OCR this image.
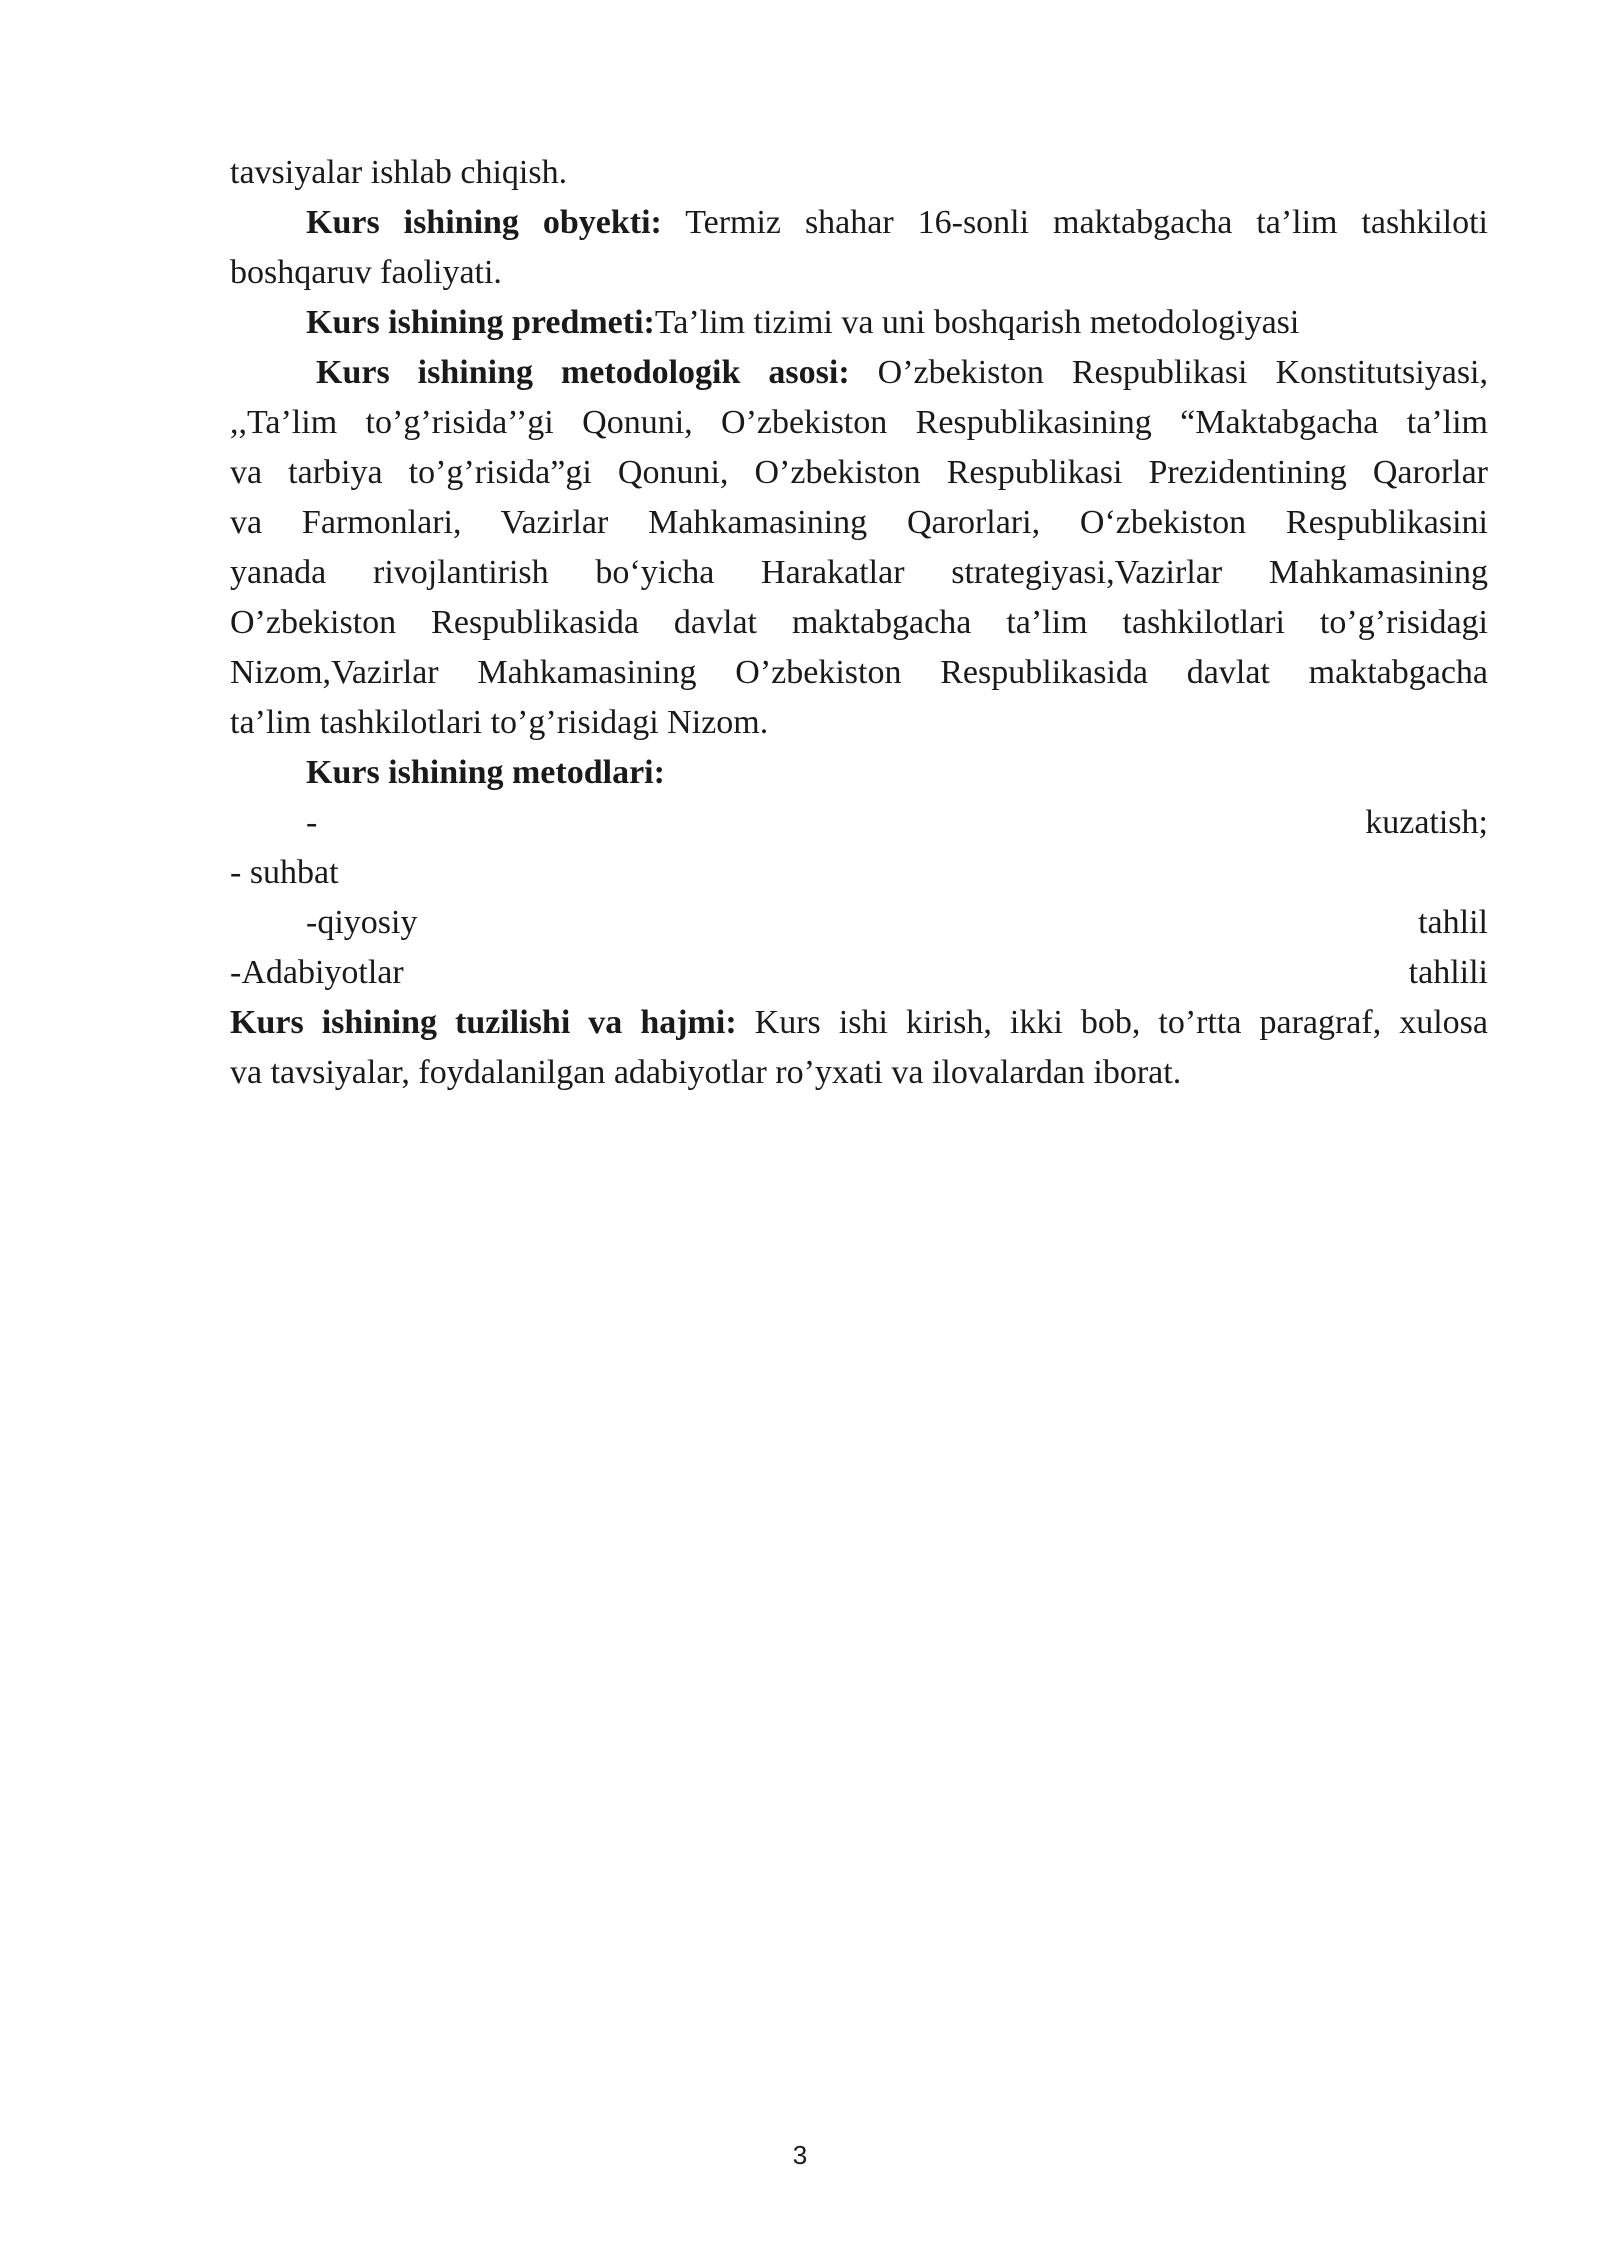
tavsiyalar ishlab chiqish.

Kurs ishining obyekti: Termiz shahar 16-sonli maktabgacha ta’lim tashkiloti

boshqaruv faoliyati.

Kurs ishining predmeti:Ta’lim tizimi va uni boshqarish metodologiyasi

Kurs ishining metodologik asosi: O’zbekiston Respublikasi Konstitutsiyasi,

,,Ta’lim to’g’risida’’gi Qonuni, O’zbekiston Respublikasining “Maktabgacha ta’lim

va tarbiya to’g’risida”gi Qonuni, O’zbekiston Respublikasi Prezidentining Qarorlar

va Farmonlari, Vazirlar Mahkamasining Qarorlari, O‘zbekiston Respublikasini

yanada rivojlantirish bo‘yicha Harakatlar strategiyasi,Vazirlar Mahkamasining

O’zbekiston Respublikasida davlat maktabgacha ta’lim tashkilotlari to’g’risidagi

Nizom,Vazirlar Mahkamasining O’zbekiston Respublikasida davlat maktabgacha

ta’lim tashkilotlari to’g’risidagi Nizom.

Kurs ishining metodlari:

-	kuzatish;

- suhbat

-qiyosiy	tahlil

-Adabiyotlar	tahlili

Kurs ishining tuzilishi va hajmi: Kurs ishi kirish, ikki bob, to’rtta paragraf, xulosa

va tavsiyalar, foydalanilgan adabiyotlar ro’yxati va ilovalardan iborat.

3
